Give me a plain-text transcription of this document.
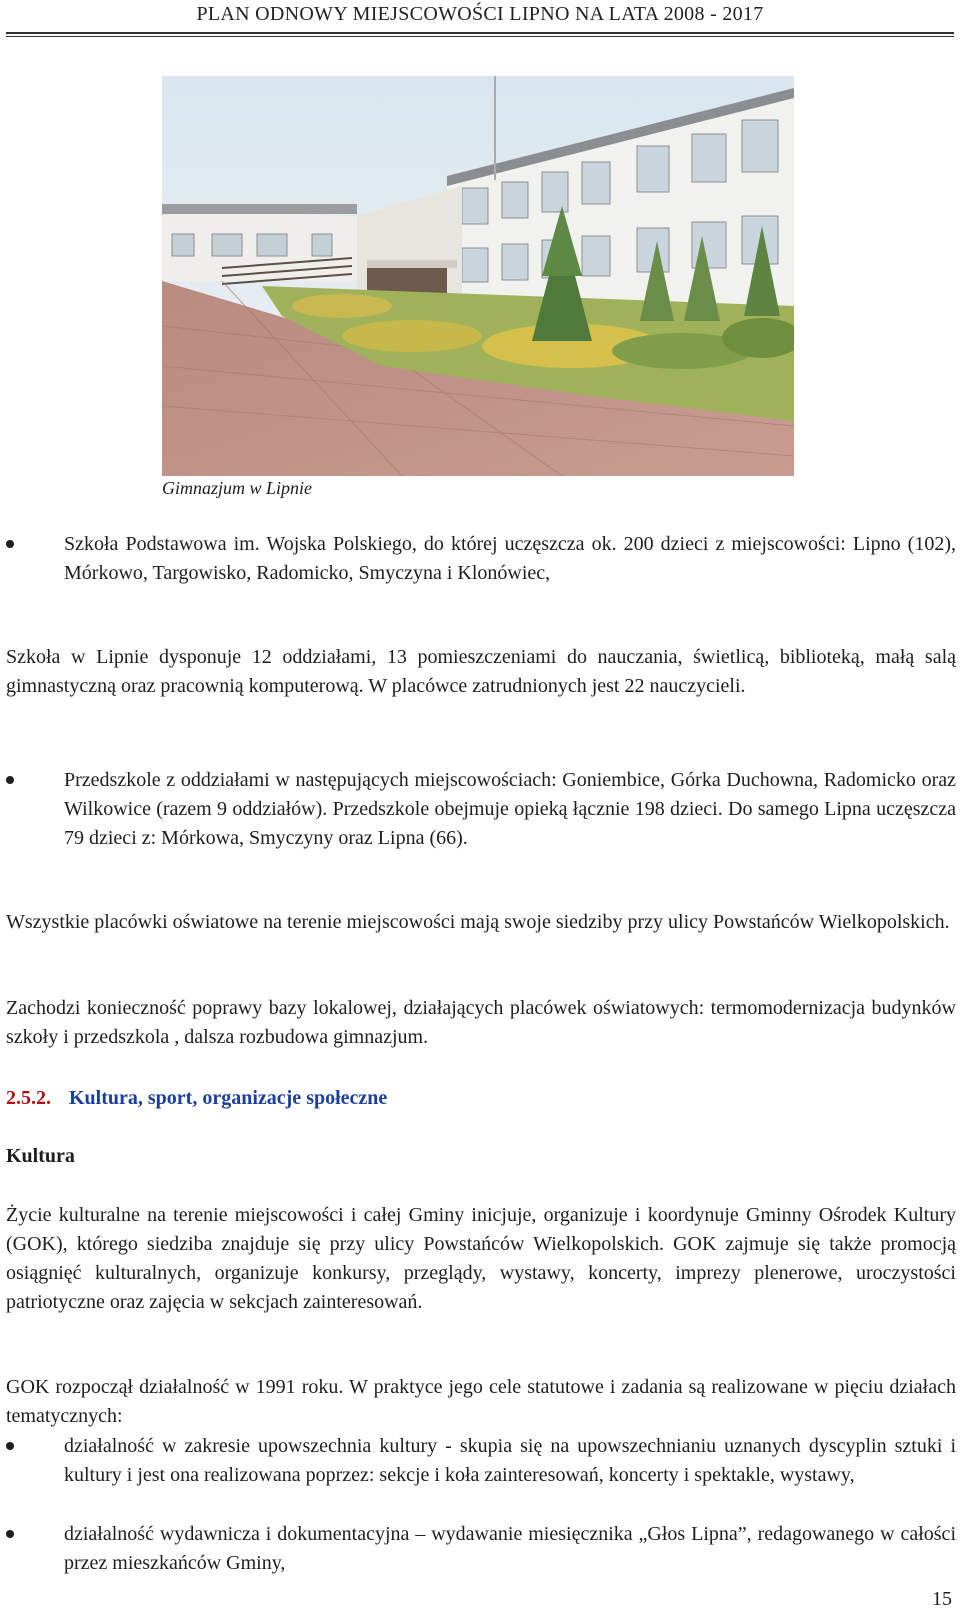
PLAN ODNOWY MIEJSCOWOŚCI LIPNO NA LATA 2008 - 2017
Gimnazjum w Lipnie
Szkoła Podstawowa im. Wojska Polskiego, do której uczęszcza ok. 200 dzieci z miejscowości: Lipno (102), Mórkowo, Targowisko, Radomicko, Smyczyna i Klonówiec,
Szkoła w Lipnie dysponuje 12 oddziałami, 13 pomieszczeniami do nauczania, świetlicą, biblioteką, małą salą gimnastyczną oraz pracownią komputerową. W placówce zatrudnionych jest 22 nauczycieli.
Przedszkole z oddziałami w następujących miejscowościach: Goniembice, Górka Duchowna, Radomicko oraz Wilkowice (razem 9 oddziałów). Przedszkole obejmuje opieką łącznie 198 dzieci. Do samego Lipna uczęszcza 79 dzieci z: Mórkowa, Smyczyny oraz Lipna (66).
Wszystkie placówki oświatowe na terenie miejscowości mają swoje siedziby przy ulicy Powstańców Wielkopolskich.
Zachodzi konieczność poprawy bazy lokalowej, działających placówek oświatowych: termomodernizacja budynków szkoły i przedszkola , dalsza rozbudowa gimnazjum.
2.5.2. Kultura, sport, organizacje społeczne
Kultura
Życie kulturalne na terenie miejscowości i całej Gminy inicjuje, organizuje i koordynuje Gminny Ośrodek Kultury (GOK), którego siedziba znajduje się przy ulicy Powstańców Wielkopolskich. GOK zajmuje się także promocją osiągnięć kulturalnych, organizuje konkursy, przeglądy, wystawy, koncerty, imprezy plenerowe, uroczystości patriotyczne oraz zajęcia w sekcjach zainteresowań.
GOK rozpoczął działalność w 1991 roku. W praktyce jego cele statutowe i zadania są realizowane w pięciu działach tematycznych:
działalność w zakresie upowszechnia kultury - skupia się na upowszechnianiu uznanych dyscyplin sztuki i kultury i jest ona realizowana poprzez: sekcje i koła zainteresowań, koncerty i spektakle, wystawy,
działalność wydawnicza i dokumentacyjna – wydawanie miesięcznika „Głos Lipna”, redagowanego w całości przez mieszkańców Gminy,
15
